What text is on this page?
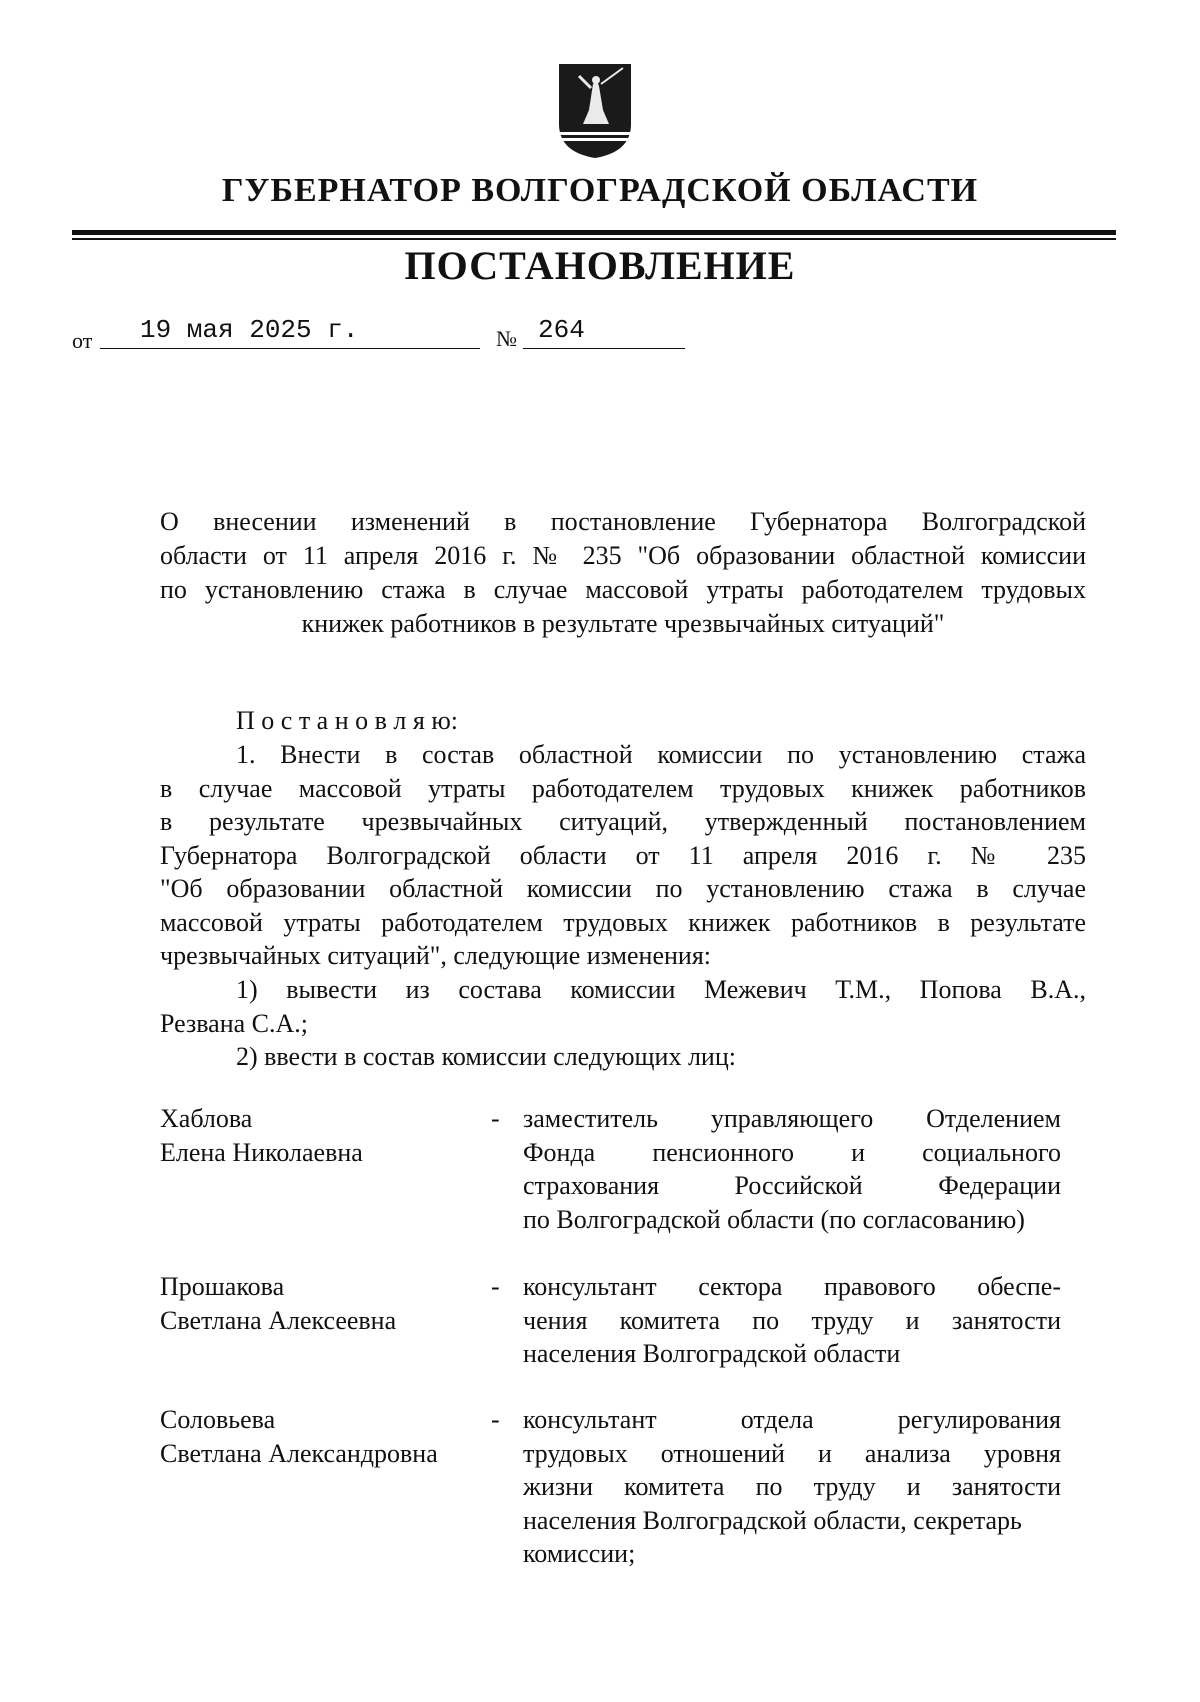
ГУБЕРНАТОР ВОЛГОГРАДСКОЙ ОБЛАСТИ
ПОСТАНОВЛЕНИЕ
от 19 мая 2025 г.	№ 264
О внесении изменений в постановление Губернатора Волгоградской
области от 11 апреля 2016 г. № 235 "Об образовании областной комиссии
по установлению стажа в случае массовой утраты работодателем трудовых
книжек работников в результате чрезвычайных ситуаций"
П о с т а н о в л я ю:
1. Внести в состав областной комиссии по установлению стажа
в случае массовой утраты работодателем трудовых книжек работников
в результате чрезвычайных ситуаций, утвержденный постановлением
Губернатора Волгоградской области от 11 апреля 2016 г. № 235
"Об образовании областной комиссии по установлению стажа в случае
массовой утраты работодателем трудовых книжек работников в результате
чрезвычайных ситуаций", следующие изменения:
1) вывести из состава комиссии Межевич Т.М., Попова В.А.,
Резвана С.А.;
2) ввести в состав комиссии следующих лиц:
Хаблова
Елена Николаевна
- заместитель управляющего Отделением
Фонда пенсионного и социального
страхования Российской Федерации
по Волгоградской области (по согласованию)
Прошакова
Светлана Алексеевна
- консультант сектора правового обеспе-
чения комитета по труду и занятости
населения Волгоградской области
Соловьева
Светлана Александровна
- консультант отдела регулирования
трудовых отношений и анализа уровня
жизни комитета по труду и занятости
населения Волгоградской области, секретарь
комиссии;
